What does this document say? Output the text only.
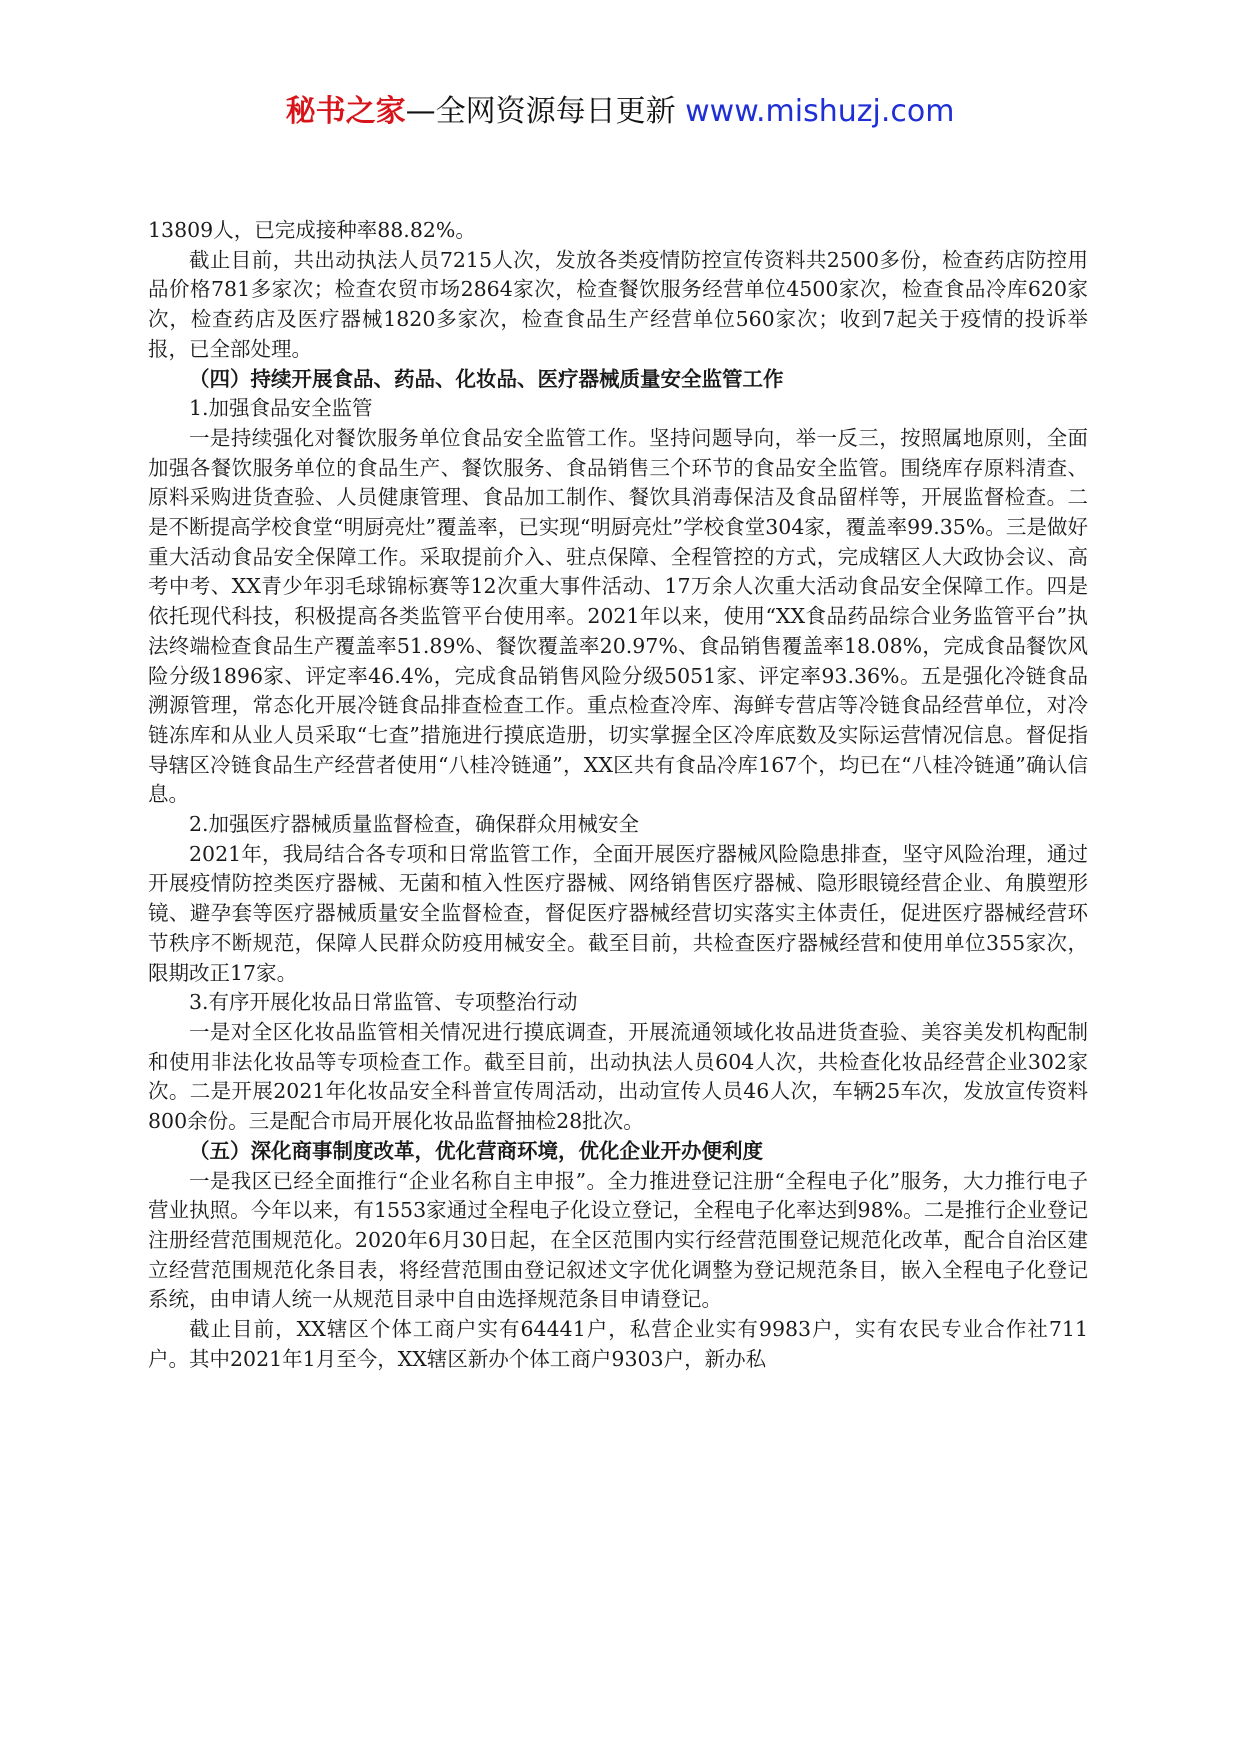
秘书之家—全网资源每日更新 www.mishuzj.com

13809人，已完成接种率88.82%。

截止目前，共出动执法人员7215人次，发放各类疫情防控宣传资料共2500多份，检查药店防控用品价格781多家次；检查农贸市场2864家次，检查餐饮服务经营单位4500家次，检查食品冷库620家次，检查药店及医疗器械1820多家次，检查食品生产经营单位560家次；收到7起关于疫情的投诉举报，已全部处理。

（四）持续开展食品、药品、化妆品、医疗器械质量安全监管工作

1.加强食品安全监管

一是持续强化对餐饮服务单位食品安全监管工作。坚持问题导向，举一反三，按照属地原则，全面加强各餐饮服务单位的食品生产、餐饮服务、食品销售三个环节的食品安全监管。围绕库存原料清查、原料采购进货查验、人员健康管理、食品加工制作、餐饮具消毒保洁及食品留样等，开展监督检查。二是不断提高学校食堂“明厨亮灶”覆盖率，已实现“明厨亮灶”学校食堂304家，覆盖率99.35%。三是做好重大活动食品安全保障工作。采取提前介入、驻点保障、全程管控的方式，完成辖区人大政协会议、高考中考、XX青少年羽毛球锦标赛等12次重大事件活动、17万余人次重大活动食品安全保障工作。四是依托现代科技，积极提高各类监管平台使用率。2021年以来，使用“XX食品药品综合业务监管平台”执法终端检查食品生产覆盖率51.89%、餐饮覆盖率20.97%、食品销售覆盖率18.08%，完成食品餐饮风险分级1896家、评定率46.4%，完成食品销售风险分级5051家、评定率93.36%。五是强化冷链食品溯源管理，常态化开展冷链食品排查检查工作。重点检查冷库、海鲜专营店等冷链食品经营单位，对冷链冻库和从业人员采取“七查”措施进行摸底造册，切实掌握全区冷库底数及实际运营情况信息。督促指导辖区冷链食品生产经营者使用“八桂冷链通”，XX区共有食品冷库167个，均已在“八桂冷链通”确认信息。

2.加强医疗器械质量监督检查，确保群众用械安全

2021年，我局结合各专项和日常监管工作，全面开展医疗器械风险隐患排查，坚守风险治理，通过开展疫情防控类医疗器械、无菌和植入性医疗器械、网络销售医疗器械、隐形眼镜经营企业、角膜塑形镜、避孕套等医疗器械质量安全监督检查，督促医疗器械经营切实落实主体责任，促进医疗器械经营环节秩序不断规范，保障人民群众防疫用械安全。截至目前，共检查医疗器械经营和使用单位355家次，限期改正17家。

3.有序开展化妆品日常监管、专项整治行动

一是对全区化妆品监管相关情况进行摸底调查，开展流通领域化妆品进货查验、美容美发机构配制和使用非法化妆品等专项检查工作。截至目前，出动执法人员604人次，共检查化妆品经营企业302家次。二是开展2021年化妆品安全科普宣传周活动，出动宣传人员46人次，车辆25车次，发放宣传资料800余份。三是配合市局开展化妆品监督抽检28批次。

（五）深化商事制度改革，优化营商环境，优化企业开办便利度

一是我区已经全面推行“企业名称自主申报”。全力推进登记注册“全程电子化”服务，大力推行电子营业执照。今年以来，有1553家通过全程电子化设立登记，全程电子化率达到98%。二是推行企业登记注册经营范围规范化。2020年6月30日起，在全区范围内实行经营范围登记规范化改革，配合自治区建立经营范围规范化条目表，将经营范围由登记叙述文字优化调整为登记规范条目，嵌入全程电子化登记系统，由申请人统一从规范目录中自由选择规范条目申请登记。

截止目前，XX辖区个体工商户实有64441户，私营企业实有9983户，实有农民专业合作社711户。其中2021年1月至今，XX辖区新办个体工商户9303户，新办私
